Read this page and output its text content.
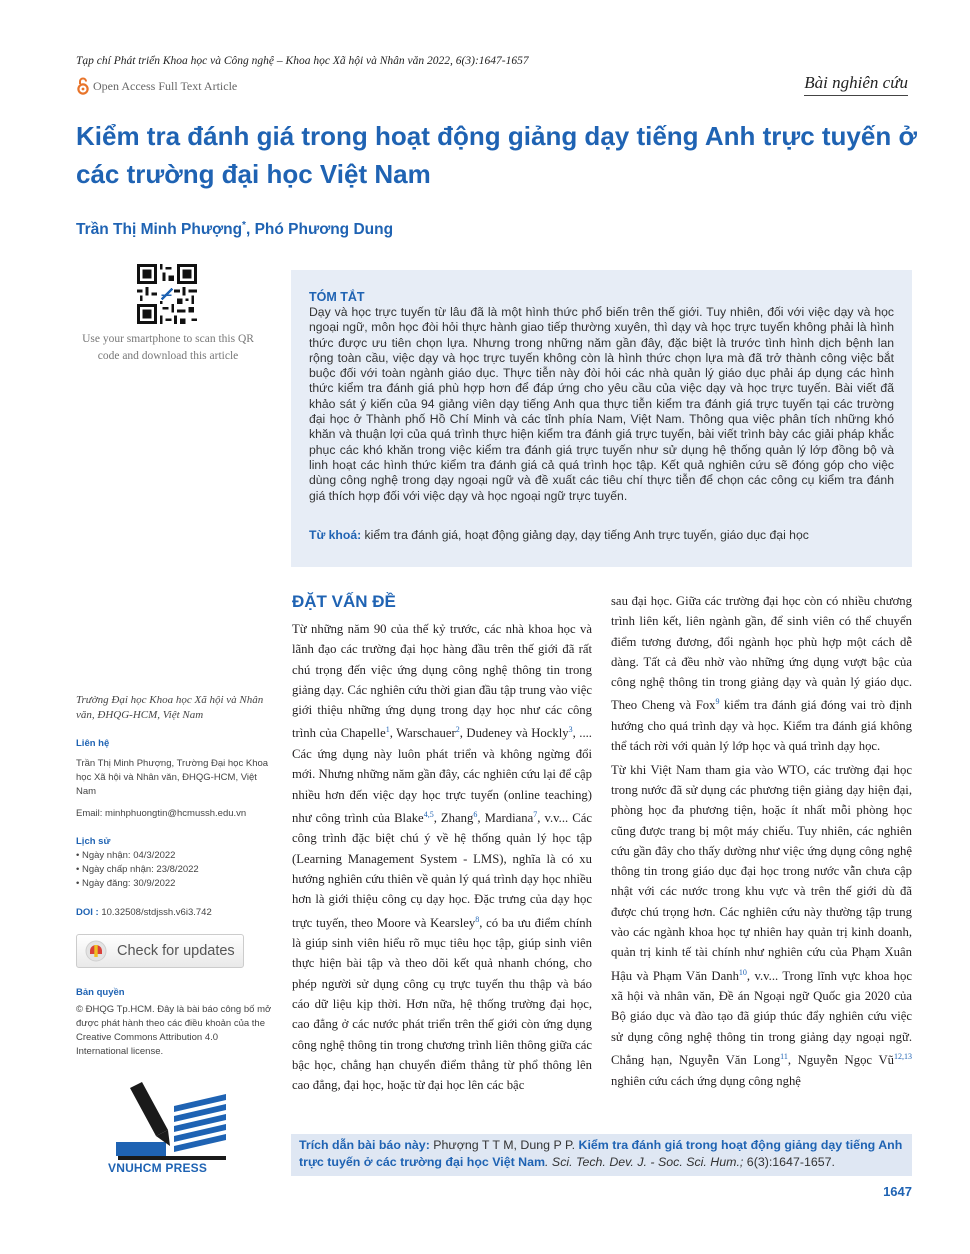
Tạp chí Phát triển Khoa học và Công nghệ – Khoa học Xã hội và Nhân văn 2022, 6(3):1647-1657
Open Access Full Text Article	Bài nghiên cứu
Kiểm tra đánh giá trong hoạt động giảng dạy tiếng Anh trực tuyến ở các trường đại học Việt Nam
Trần Thị Minh Phượng*, Phó Phương Dung
Use your smartphone to scan this QR code and download this article
TÓM TẮT
Dạy và học trực tuyến từ lâu đã là một hình thức phổ biến trên thế giới. Tuy nhiên, đối với việc dạy và học ngoại ngữ, môn học đòi hỏi thực hành giao tiếp thường xuyên, thì dạy và học trực tuyến không phải là hình thức được ưu tiên chọn lựa. Nhưng trong những năm gần đây, đặc biệt là trước tình hình dịch bệnh lan rộng toàn cầu, việc dạy và học trực tuyến không còn là hình thức chọn lựa mà đã trở thành công việc bắt buộc đối với toàn ngành giáo dục. Thực tiễn này đòi hỏi các nhà quản lý giáo dục phải áp dụng các hình thức kiểm tra đánh giá phù hợp hơn để đáp ứng cho yêu cầu của việc dạy và học trực tuyến. Bài viết đã khảo sát ý kiến của 94 giảng viên dạy tiếng Anh qua thực tiễn kiểm tra đánh giá trực tuyến tại các trường đại học ở Thành phố Hồ Chí Minh và các tỉnh phía Nam, Việt Nam. Thông qua việc phân tích những khó khăn và thuận lợi của quá trình thực hiện kiểm tra đánh giá trực tuyến, bài viết trình bày các giải pháp khắc phục các khó khăn trong việc kiểm tra đánh giá trực tuyến như sử dụng hệ thống quản lý lớp đồng bộ và linh hoạt các hình thức kiểm tra đánh giá cả quá trình học tập. Kết quả nghiên cứu sẽ đóng góp cho việc dùng công nghệ trong dạy ngoại ngữ và đề xuất các tiêu chí thực tiễn để chọn các công cụ kiểm tra đánh giá thích hợp đối với việc dạy và học ngoại ngữ trực tuyến.
Từ khoá: kiểm tra đánh giá, hoạt động giảng dạy, dạy tiếng Anh trực tuyến, giáo dục đại học
ĐẶT VẤN ĐỀ

Từ những năm 90 của thế kỷ trước, các nhà khoa học và lãnh đạo các trường đại học hàng đầu trên thế giới đã rất chú trọng đến việc ứng dụng công nghệ thông tin trong giảng dạy. Các nghiên cứu thời gian đầu tập trung vào việc giới thiệu những ứng dụng trong dạy học như các công trình của Chapelle$^1$, Warschauer$^2$, Dudeney và Hockly$^3$, .... Các ứng dụng này luôn phát triển và không ngừng đổi mới. Nhưng những năm gần đây, các nghiên cứu lại để cập nhiều hơn đến việc dạy học trực tuyến (online teaching) như công trình của Blake$^{4,5}$, Zhang$^6$, Mardiana$^7$, v.v... Các công trình đặc biệt chú ý về hệ thống quản lý học tập (Learning Management System - LMS), nghĩa là có xu hướng nghiên cứu thiên về quản lý quá trình dạy học nhiều hơn là giới thiệu công cụ dạy học. Đặc trưng của dạy học trực tuyến, theo Moore và Kearsley$^8$, có ba ưu điểm chính là giúp sinh viên hiểu rõ mục tiêu học tập, giúp sinh viên thực hiện bài tập và theo dõi kết quả nhanh chóng, cho phép người sử dụng công cụ trực tuyến thu thập và báo cáo dữ liệu kịp thời. Hơn nữa, hệ thống trường đại học, cao đẳng ở các nước phát triển trên thế giới còn ứng dụng công nghệ thông tin trong chương trình liên thông giữa các bậc học, chẳng hạn chuyển điểm thẳng từ phổ thông lên cao đẳng, đại học, hoặc từ đại học lên các bậc

sau đại học. Giữa các trường đại học còn có nhiều chương trình liên kết, liên ngành gần, để sinh viên có thể chuyển điểm tương đương, đổi ngành học phù hợp một cách dễ dàng. Tất cả đều nhờ vào những ứng dụng vượt bậc của công nghệ thông tin trong giảng dạy và quản lý giáo dục. Theo Cheng và Fox$^9$ kiểm tra đánh giá đóng vai trò định hướng cho quá trình dạy và học. Kiểm tra đánh giá không thể tách rời với quản lý lớp học và quá trình dạy học.

Từ khi Việt Nam tham gia vào WTO, các trường đại học trong nước đã sử dụng các phương tiện giảng dạy hiện đại, phòng học đa phương tiện, hoặc ít nhất mỗi phòng học cũng được trang bị một máy chiếu. Tuy nhiên, các nghiên cứu gần đây cho thấy dường như việc ứng dụng công nghệ thông tin trong giáo dục đại học trong nước vẫn chưa cập nhật với các nước trong khu vực và trên thế giới dù đã được chú trọng hơn. Các nghiên cứu này thường tập trung vào các ngành khoa học tự nhiên hay quản trị kinh doanh, quản trị kinh tế tài chính như nghiên cứu của Phạm Xuân Hậu và Phạm Văn Danh$^{10}$, v.v... Trong lĩnh vực khoa học xã hội và nhân văn, Đề án Ngoại ngữ Quốc gia 2020 của Bộ giáo dục và đào tạo đã giúp thúc đẩy nghiên cứu việc sử dụng công nghệ thông tin trong giảng dạy ngoại ngữ. Chẳng hạn, Nguyễn Văn Long$^{11}$, Nguyễn Ngọc Vũ$^{12,13}$ nghiên cứu cách ứng dụng công nghệ

Trường Đại học Khoa học Xã hội và Nhân văn, ĐHQG-HCM, Việt Nam
Liên hệ
Trần Thị Minh Phượng, Trường Đại học Khoa học Xã hội và Nhân văn, ĐHQG-HCM, Việt Nam
Email: minhphuongtin@hcmussh.edu.vn
Lịch sử
• Ngày nhận: 04/3/2022
• Ngày chấp nhận: 23/8/2022
• Ngày đăng: 30/9/2022
DOI : 10.32508/stdjssh.v6i3.742
Check for updates
Bản quyền
© ĐHQG Tp.HCM. Đây là bài báo công bố mở được phát hành theo các điều khoản của the Creative Commons Attribution 4.0 International license.
VNUHCM PRESS
Trích dẫn bài báo này: Phượng T T M, Dung P P. Kiểm tra đánh giá trong hoạt động giảng dạy tiếng Anh trực tuyến ở các trường đại học Việt Nam. Sci. Tech. Dev. J. - Soc. Sci. Hum.; 6(3):1647-1657.
1647
